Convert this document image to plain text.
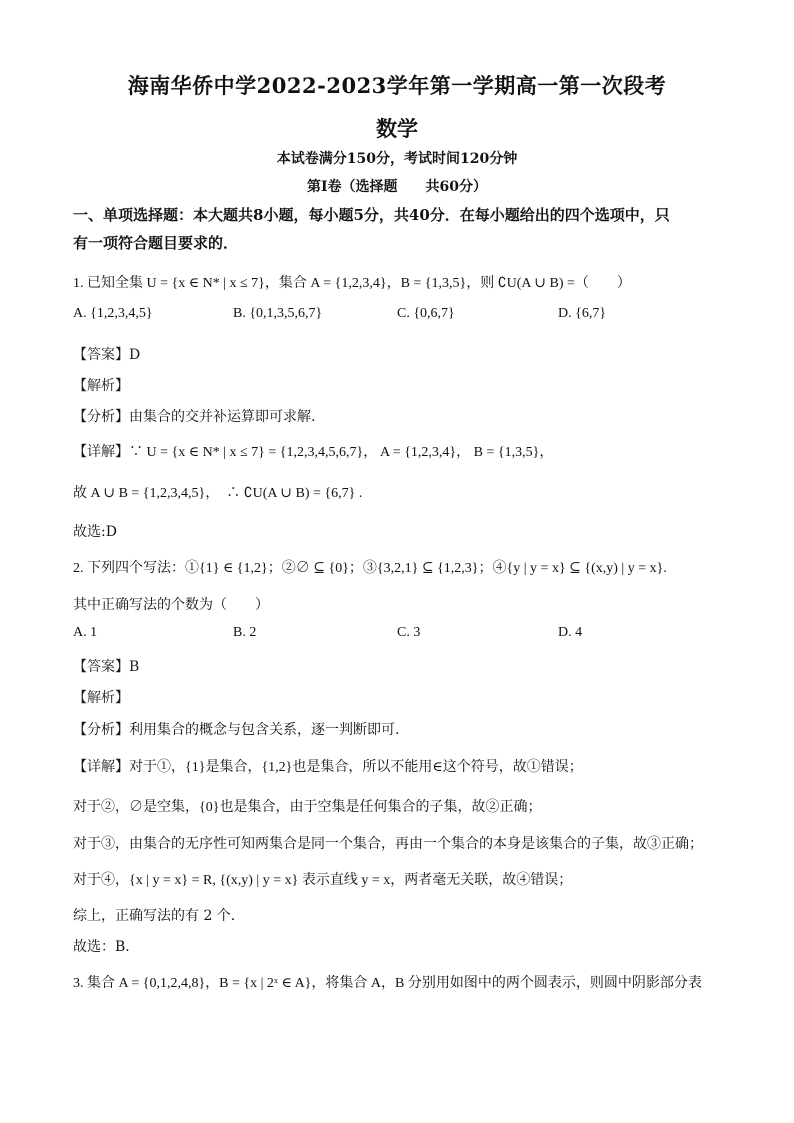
海南华侨中学2022-2023学年第一学期高一第一次段考
数学
本试卷满分150分，考试时间120分钟
第Ⅰ卷（选择题　　共60分）
一、单项选择题：本大题共8小题，每小题5分，共40分．在每小题给出的四个选项中，只
有一项符合题目要求的．
1. 已知全集 U = {x ∈ N* | x ≤ 7}，集合 A = {1,2,3,4}，B = {1,3,5}，则 ∁U(A ∪ B) =（　　）
A. {1,2,3,4,5}	B. {0,1,3,5,6,7}	C. {0,6,7}	D. {6,7}
【答案】D
【解析】
【分析】由集合的交并补运算即可求解.
【详解】∵ U = {x ∈ N* | x ≤ 7} = {1,2,3,4,5,6,7}， A = {1,2,3,4}， B = {1,3,5}，
故 A ∪ B = {1,2,3,4,5}，　∴ ∁U(A ∪ B) = {6,7} .
故选:D
2. 下列四个写法：①{1} ∈ {1,2}；②∅ ⊆ {0}；③{3,2,1} ⊆ {1,2,3}；④{y | y = x} ⊆ {(x,y) | y = x}.
其中正确写法的个数为（　　）
A. 1	B. 2	C. 3	D. 4
【答案】B
【解析】
【分析】利用集合的概念与包含关系，逐一判断即可.
【详解】对于①，{1}是集合，{1,2}也是集合，所以不能用∈这个符号，故①错误；
对于②，∅是空集，{0}也是集合，由于空集是任何集合的子集，故②正确；
对于③，由集合的无序性可知两集合是同一个集合，再由一个集合的本身是该集合的子集，故③正确；
对于④，{x | y = x} = R, {(x,y) | y = x} 表示直线 y = x，两者毫无关联，故④错误；
综上，正确写法的有 2 个.
故选：B.
3. 集合 A = {0,1,2,4,8}，B = {x | 2ˣ ∈ A}，将集合 A，B 分别用如图中的两个圆表示，则圆中阴影部分表
